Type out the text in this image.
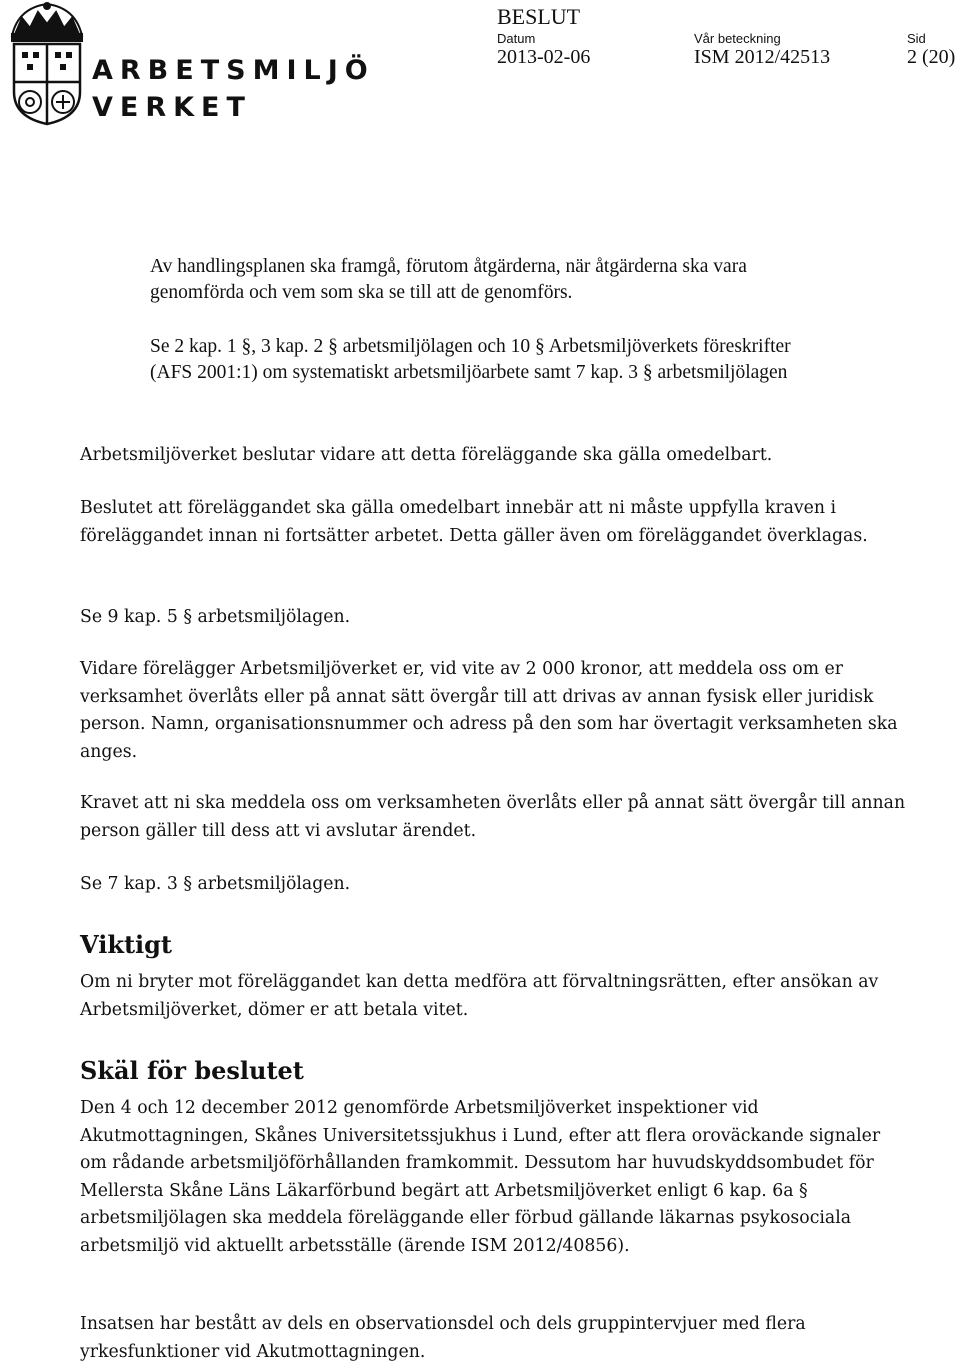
ARBETSMILJÖ
VERKET
BESLUT
Datum	Vår beteckning	Sid
2013-02-06	ISM 2012/42513	2 (20)

Av handlingsplanen ska framgå, förutom åtgärderna, när åtgärderna ska vara genomförda och vem som ska se till att de genomförs.

Se 2 kap. 1 §, 3 kap. 2 § arbetsmiljölagen och 10 § Arbetsmiljöverkets föreskrifter (AFS 2001:1) om systematiskt arbetsmiljöarbete samt 7 kap. 3 § arbetsmiljölagen

Arbetsmiljöverket beslutar vidare att detta föreläggande ska gälla omedelbart.

Beslutet att föreläggandet ska gälla omedelbart innebär att ni måste uppfylla kraven i föreläggandet innan ni fortsätter arbetet. Detta gäller även om föreläggandet överklagas.

Se 9 kap. 5 § arbetsmiljölagen.

Vidare förelägger Arbetsmiljöverket er, vid vite av 2 000 kronor, att meddela oss om er verksamhet överlåts eller på annat sätt övergår till att drivas av annan fysisk eller juridisk person. Namn, organisationsnummer och adress på den som har övertagit verksamheten ska anges.

Kravet att ni ska meddela oss om verksamheten överlåts eller på annat sätt övergår till annan person gäller till dess att vi avslutar ärendet.

Se 7 kap. 3 § arbetsmiljölagen.

Viktigt

Om ni bryter mot föreläggandet kan detta medföra att förvaltningsrätten, efter ansökan av Arbetsmiljöverket, dömer er att betala vitet.

Skäl för beslutet

Den 4 och 12 december 2012 genomförde Arbetsmiljöverket inspektioner vid Akutmottagningen, Skånes Universitetssjukhus i Lund, efter att flera oroväckande signaler om rådande arbetsmiljöförhållanden framkommit. Dessutom har huvudskyddsombudet för Mellersta Skåne Läns Läkarförbund begärt att Arbetsmiljöverket enligt 6 kap. 6a § arbetsmiljölagen ska meddela föreläggande eller förbud gällande läkarnas psykosociala arbetsmiljö vid aktuellt arbetsställe (ärende ISM 2012/40856).

Insatsen har bestått av dels en observationsdel och dels gruppintervjuer med flera yrkesfunktioner vid Akutmottagningen.
